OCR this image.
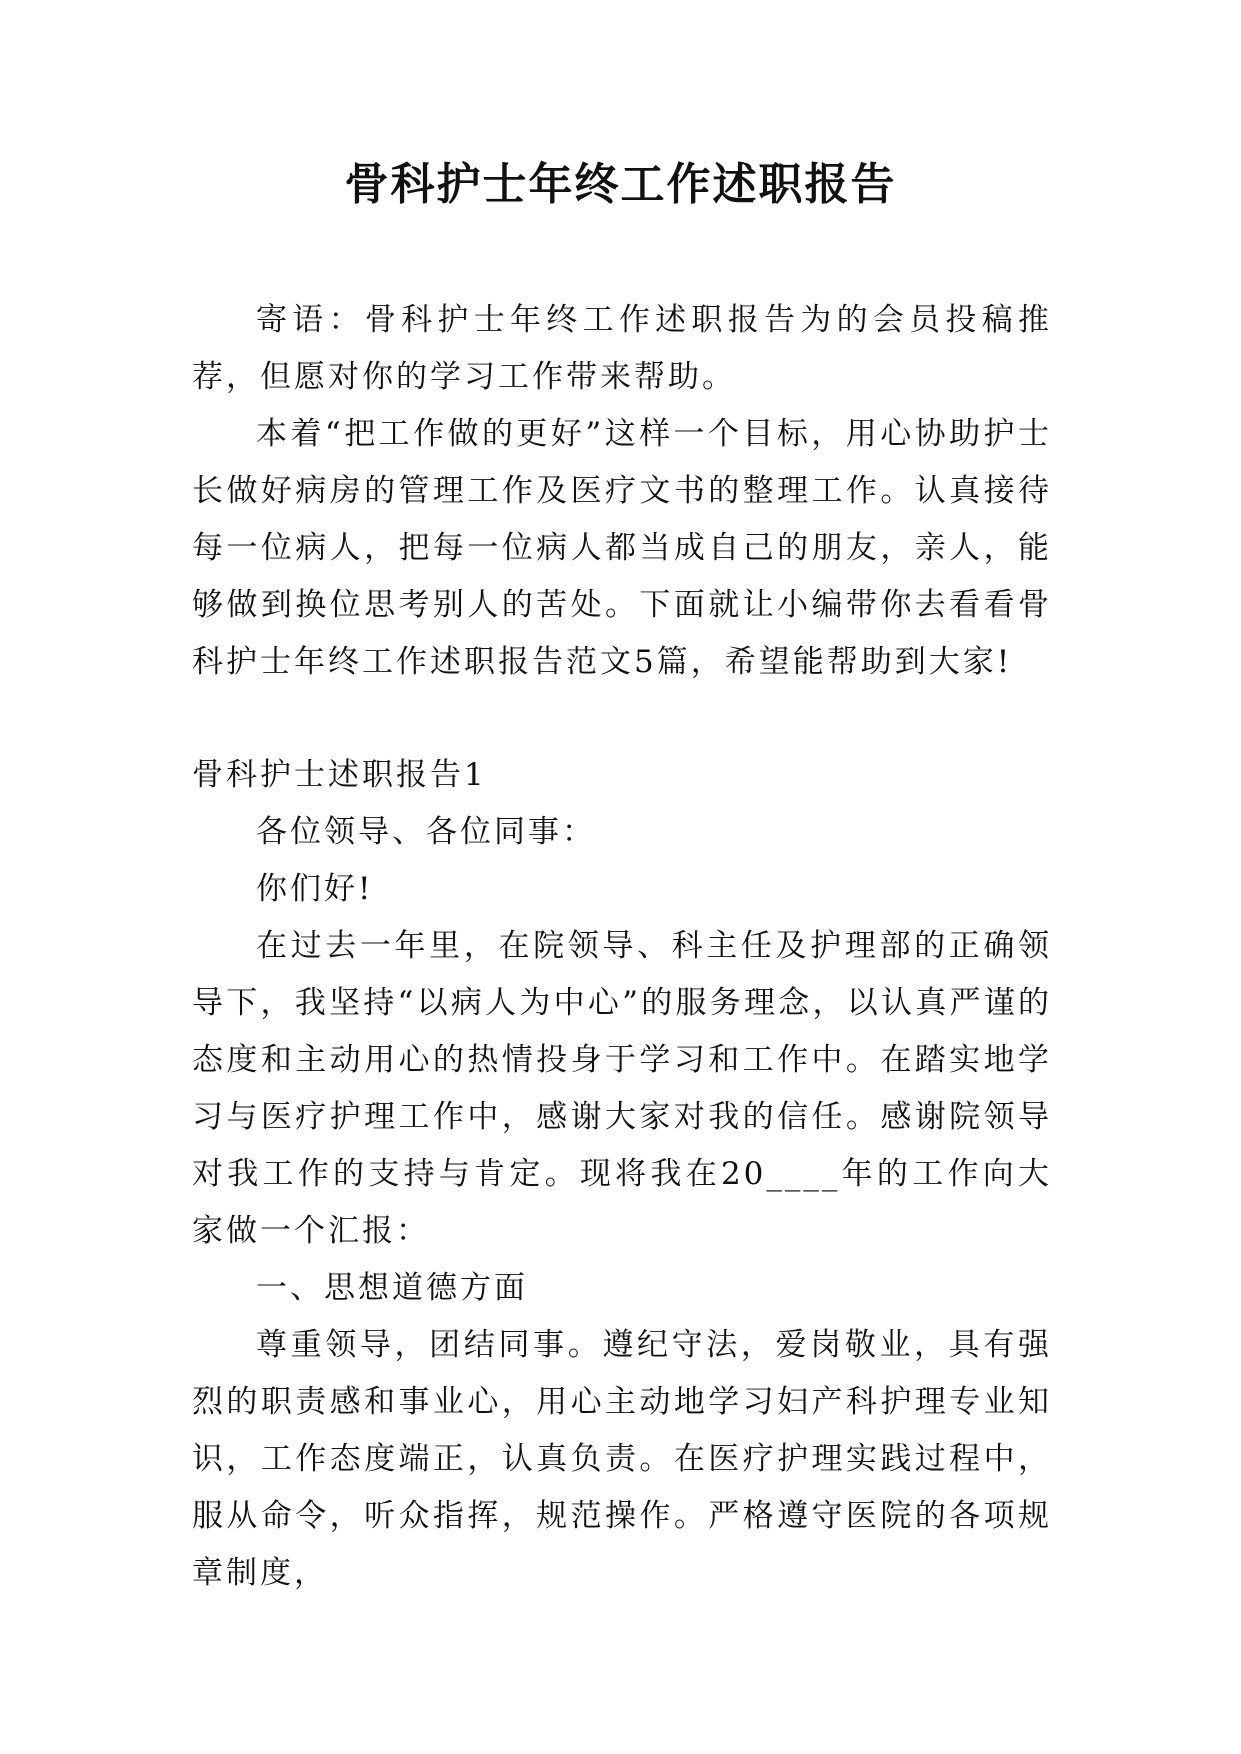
骨科护士年终工作述职报告

寄语：骨科护士年终工作述职报告为的会员投稿推荐，但愿对你的学习工作带来帮助。

本着“把工作做的更好”这样一个目标，用心协助护士长做好病房的管理工作及医疗文书的整理工作。认真接待每一位病人，把每一位病人都当成自己的朋友，亲人，能够做到换位思考别人的苦处。下面就让小编带你去看看骨科护士年终工作述职报告范文5篇，希望能帮助到大家!

骨科护士述职报告1

各位领导、各位同事：

你们好!

在过去一年里，在院领导、科主任及护理部的正确领导下，我坚持“以病人为中心”的服务理念，以认真严谨的态度和主动用心的热情投身于学习和工作中。在踏实地学习与医疗护理工作中，感谢大家对我的信任。感谢院领导对我工作的支持与肯定。现将我在20____年的工作向大家做一个汇报：

一、思想道德方面

尊重领导，团结同事。遵纪守法，爱岗敬业，具有强烈的职责感和事业心，用心主动地学习妇产科护理专业知识，工作态度端正，认真负责。在医疗护理实践过程中，服从命令，听众指挥，规范操作。严格遵守医院的各项规章制度，
